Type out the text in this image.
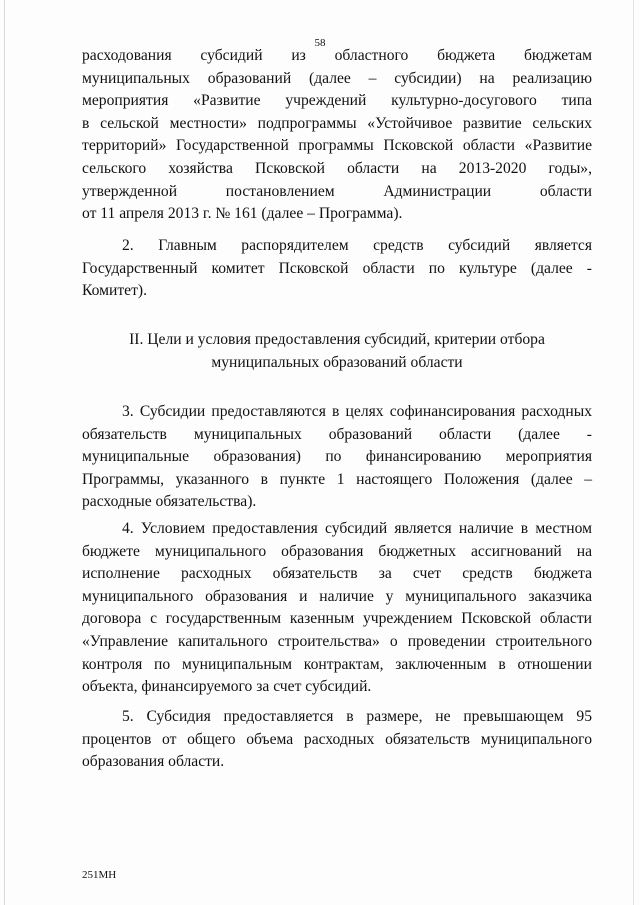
58
расходования субсидий из областного бюджета бюджетам
муниципальных образований (далее – субсидии) на реализацию
мероприятия «Развитие учреждений культурно-досугового типа
в сельской местности» подпрограммы «Устойчивое развитие сельских
территорий» Государственной программы Псковской области «Развитие
сельского хозяйства Псковской области на 2013-2020 годы»,
утвержденной постановлением Администрации области
от 11 апреля 2013 г. № 161 (далее – Программа).
2. Главным распорядителем средств субсидий является
Государственный комитет Псковской области по культуре (далее -
Комитет).
II. Цели и условия предоставления субсидий, критерии отбора
муниципальных образований области
3. Субсидии предоставляются в целях софинансирования расходных
обязательств муниципальных образований области (далее -
муниципальные образования) по финансированию мероприятия
Программы, указанного в пункте 1 настоящего Положения (далее –
расходные обязательства).
4. Условием предоставления субсидий является наличие в местном
бюджете муниципального образования бюджетных ассигнований на
исполнение расходных обязательств за счет средств бюджета
муниципального образования и наличие у муниципального заказчика
договора с государственным казенным учреждением Псковской области
«Управление капитального строительства» о проведении строительного
контроля по муниципальным контрактам, заключенным в отношении
объекта, финансируемого за счет субсидий.
5. Субсидия предоставляется в размере, не превышающем 95
процентов от общего объема расходных обязательств муниципального
образования области.
251МН
